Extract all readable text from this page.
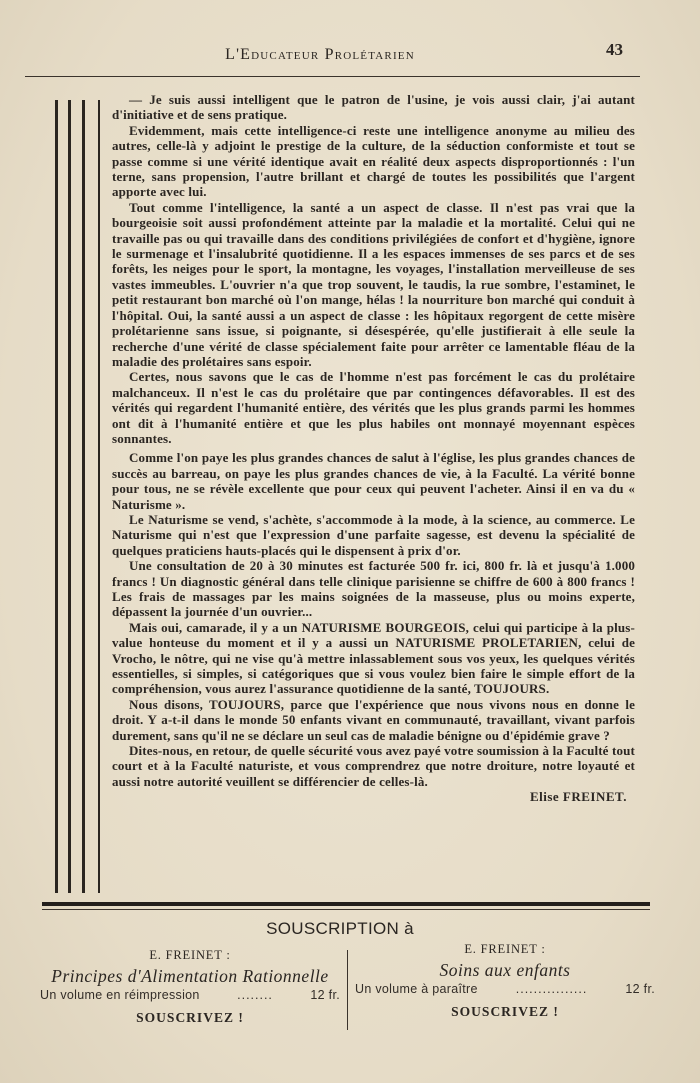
L'Educateur Prolétarien	43

— Je suis aussi intelligent que le patron de l'usine, je vois aussi clair, j'ai autant d'initiative et de sens pratique.

Evidemment, mais cette intelligence-ci reste une intelligence anonyme au milieu des autres, celle-là y adjoint le prestige de la culture, de la séduction conformiste et tout se passe comme si une vérité identique avait en réalité deux aspects disproportionnés : l'un terne, sans propension, l'autre brillant et chargé de toutes les possibilités que l'argent apporte avec lui.

Tout comme l'intelligence, la santé a un aspect de classe. Il n'est pas vrai que la bourgeoisie soit aussi profondément atteinte par la maladie et la mortalité. Celui qui ne travaille pas ou qui travaille dans des conditions privilégiées de confort et d'hygiène, ignore le surmenage et l'insalubrité quotidienne. Il a les espaces immenses de ses parcs et de ses forêts, les neiges pour le sport, la montagne, les voyages, l'installation merveilleuse de ses vastes immeubles. L'ouvrier n'a que trop souvent, le taudis, la rue sombre, l'estaminet, le petit restaurant bon marché où l'on mange, hélas ! la nourriture bon marché qui conduit à l'hôpital. Oui, la santé aussi a un aspect de classe : les hôpitaux regorgent de cette misère prolétarienne sans issue, si poignante, si désespérée, qu'elle justifierait à elle seule la recherche d'une vérité de classe spécialement faite pour arrêter ce lamentable fléau de la maladie des prolétaires sans espoir.

Certes, nous savons que le cas de l'homme n'est pas forcément le cas du prolétaire malchanceux. Il n'est le cas du prolétaire que par contingences défavorables. Il est des vérités qui regardent l'humanité entière, des vérités que les plus grands parmi les hommes ont dit à l'humanité entière et que les plus habiles ont monnayé moyennant espèces sonnantes.

Comme l'on paye les plus grandes chances de salut à l'église, les plus grandes chances de succès au barreau, on paye les plus grandes chances de vie, à la Faculté. La vérité bonne pour tous, ne se révèle excellente que pour ceux qui peuvent l'acheter. Ainsi il en va du « Naturisme ».

Le Naturisme se vend, s'achète, s'accommode à la mode, à la science, au commerce. Le Naturisme qui n'est que l'expression d'une parfaite sagesse, est devenu la spécialité de quelques praticiens hauts-placés qui le dispensent à prix d'or.

Une consultation de 20 à 30 minutes est facturée 500 fr. ici, 800 fr. là et jusqu'à 1.000 francs ! Un diagnostic général dans telle clinique parisienne se chiffre de 600 à 800 francs ! Les frais de massages par les mains soignées de la masseuse, plus ou moins experte, dépassent la journée d'un ouvrier...

Mais oui, camarade, il y a un NATURISME BOURGEOIS, celui qui participe à la plus-value honteuse du moment et il y a aussi un NATURISME PROLETARIEN, celui de Vrocho, le nôtre, qui ne vise qu'à mettre inlassablement sous vos yeux, les quelques vérités essentielles, si simples, si catégoriques que si vous voulez bien faire le simple effort de la compréhension, vous aurez l'assurance quotidienne de la santé, TOUJOURS.

Nous disons, TOUJOURS, parce que l'expérience que nous vivons nous en donne le droit. Y a-t-il dans le monde 50 enfants vivant en communauté, travaillant, vivant parfois durement, sans qu'il ne se déclare un seul cas de maladie bénigne ou d'épidémie grave ?

Dites-nous, en retour, de quelle sécurité vous avez payé votre soumission à la Faculté tout court et à la Faculté naturiste, et vous comprendrez que notre droiture, notre loyauté et aussi notre autorité veuillent se différencier de celles-là.

Elise FREINET.
SOUSCRIPTION à
E. FREINET :
Principes d'Alimentation Rationnelle
Un volume en réimpression	........	12 fr.
SOUSCRIVEZ !
E. FREINET :
Soins aux enfants
Un volume à paraître	................	12 fr.
SOUSCRIVEZ !
